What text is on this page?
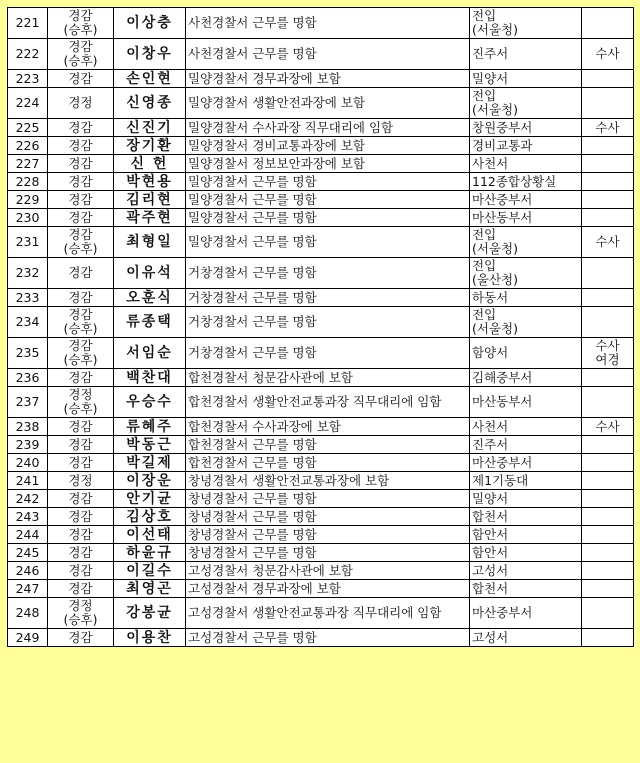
221	경감
(승후)	이상충	사천경찰서 근무를 명함	전입
(서울청)	

222	경감
(승후)	이창우	사천경찰서 근무를 명함	진주서	수사

223	경감	손인현	밀양경찰서 경무과장에 보함	밀양서	

224	경정	신영종	밀양경찰서 생활안전과장에 보함	전입
(서울청)	

225	경감	신진기	밀양경찰서 수사과장 직무대리에 임함	창원중부서	수사

226	경감	장기환	밀양경찰서 경비교통과장에 보함	경비교통과	

227	경감	신 헌	밀양경찰서 정보보안과장에 보함	사천서	

228	경감	박현용	밀양경찰서 근무를 명함	112종합상황실	

229	경감	김리현	밀양경찰서 근무를 명함	마산중부서	

230	경감	곽주현	밀양경찰서 근무를 명함	마산동부서	

231	경감
(승후)	최형일	밀양경찰서 근무를 명함	전입
(서울청)	수사

232	경감	이유석	거창경찰서 근무를 명함	전입
(울산청)	

233	경감	오훈식	거창경찰서 근무를 명함	하동서	

234	경감
(승후)	류종택	거창경찰서 근무를 명함	전입
(서울청)	

235	경감
(승후)	서임순	거창경찰서 근무를 명함	함양서	수사
여경

236	경감	백찬대	합천경찰서 청문감사관에 보함	김해중부서	

237	경정
(승후)	우승수	합천경찰서 생활안전교통과장 직무대리에 임함	마산동부서	

238	경감	류혜주	합천경찰서 수사과장에 보함	사천서	수사

239	경감	박동근	합천경찰서 근무를 명함	진주서	

240	경감	박길제	합천경찰서 근무를 명함	마산중부서	

241	경정	이장운	창녕경찰서 생활안전교통과장에 보함	제1기동대	

242	경감	안기균	창녕경찰서 근무를 명함	밀양서	

243	경감	김상호	창녕경찰서 근무를 명함	합천서	

244	경감	이선태	창녕경찰서 근무를 명함	함안서	

245	경감	하윤규	창녕경찰서 근무를 명함	함안서	

246	경감	이길수	고성경찰서 청문감사관에 보함	고성서	

247	경감	최영곤	고성경찰서 경무과장에 보함	합천서	

248	경정
(승후)	강봉균	고성경찰서 생활안전교통과장 직무대리에 임함	마산중부서	

249	경감	이용찬	고성경찰서 근무를 명함	고성서	
